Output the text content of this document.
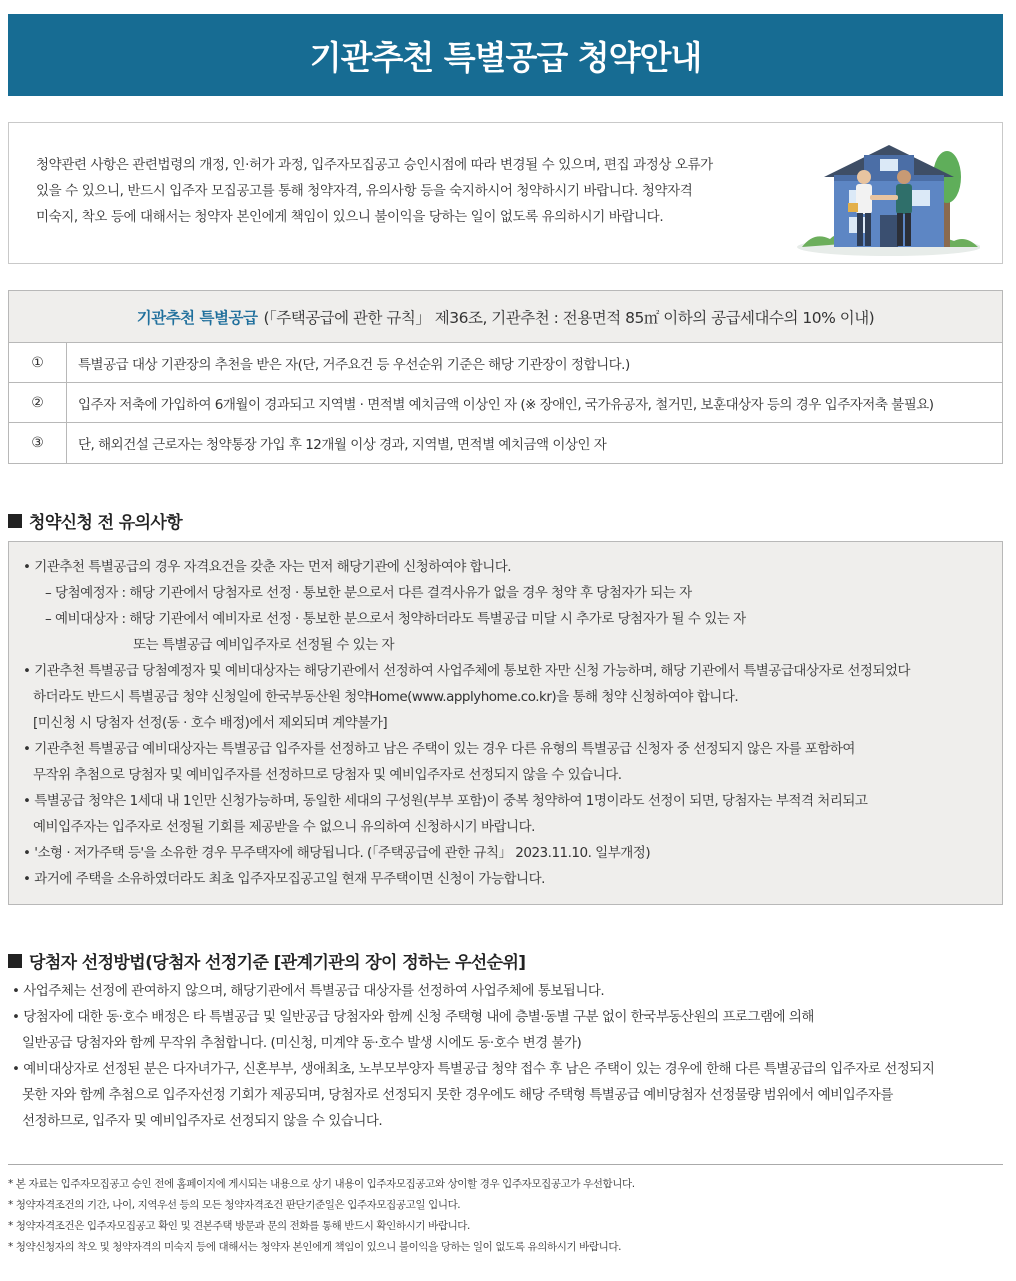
기관추천 특별공급 청약안내

청약관련 사항은 관련법령의 개정, 인·허가 과정, 입주자모집공고 승인시점에 따라 변경될 수 있으며, 편집 과정상 오류가
있을 수 있으니, 반드시 입주자 모집공고를 통해 청약자격, 유의사항 등을 숙지하시어 청약하시기 바랍니다. 청약자격
미숙지, 착오 등에 대해서는 청약자 본인에게 책임이 있으니 불이익을 당하는 일이 없도록 유의하시기 바랍니다.

기관추천 특별공급 (「주택공급에 관한 규칙」 제36조, 기관추천 : 전용면적 85㎡ 이하의 공급세대수의 10% 이내)
①	특별공급 대상 기관장의 추천을 받은 자(단, 거주요건 등 우선순위 기준은 해당 기관장이 정합니다.)
②	입주자 저축에 가입하여 6개월이 경과되고 지역별 · 면적별 예치금액 이상인 자 (※ 장애인, 국가유공자, 철거민, 보훈대상자 등의 경우 입주자저축 불필요)
③	단, 해외건설 근로자는 청약통장 가입 후 12개월 이상 경과, 지역별, 면적별 예치금액 이상인 자
청약신청 전 유의사항
• 기관추천 특별공급의 경우 자격요건을 갖춘 자는 먼저 해당기관에 신청하여야 합니다.
– 당첨예정자 : 해당 기관에서 당첨자로 선정 · 통보한 분으로서 다른 결격사유가 없을 경우 청약 후 당첨자가 되는 자
– 예비대상자 : 해당 기관에서 예비자로 선정 · 통보한 분으로서 청약하더라도 특별공급 미달 시 추가로 당첨자가 될 수 있는 자
또는 특별공급 예비입주자로 선정될 수 있는 자
• 기관추천 특별공급 당첨예정자 및 예비대상자는 해당기관에서 선정하여 사업주체에 통보한 자만 신청 가능하며, 해당 기관에서 특별공급대상자로 선정되었다
하더라도 반드시 특별공급 청약 신청일에 한국부동산원 청약Home(www.applyhome.co.kr)을 통해 청약 신청하여야 합니다.
[미신청 시 당첨자 선정(동 · 호수 배정)에서 제외되며 계약불가]
• 기관추천 특별공급 예비대상자는 특별공급 입주자를 선정하고 남은 주택이 있는 경우 다른 유형의 특별공급 신청자 중 선정되지 않은 자를 포함하여
무작위 추첨으로 당첨자 및 예비입주자를 선정하므로 당첨자 및 예비입주자로 선정되지 않을 수 있습니다.
• 특별공급 청약은 1세대 내 1인만 신청가능하며, 동일한 세대의 구성원(부부 포함)이 중복 청약하여 1명이라도 선정이 되면, 당첨자는 부적격 처리되고
예비입주자는 입주자로 선정될 기회를 제공받을 수 없으니 유의하여 신청하시기 바랍니다.
• '소형 · 저가주택 등'을 소유한 경우 무주택자에 해당됩니다. (「주택공급에 관한 규칙」 2023.11.10. 일부개정)
• 과거에 주택을 소유하였더라도 최초 입주자모집공고일 현재 무주택이면 신청이 가능합니다.
당첨자 선정방법(당첨자 선정기준 [관계기관의 장이 정하는 우선순위]
• 사업주체는 선정에 관여하지 않으며, 해당기관에서 특별공급 대상자를 선정하여 사업주체에 통보됩니다.
• 당첨자에 대한 동·호수 배정은 타 특별공급 및 일반공급 당첨자와 함께 신청 주택형 내에 층별·동별 구분 없이 한국부동산원의 프로그램에 의해
일반공급 당첨자와 함께 무작위 추첨합니다. (미신청, 미계약 동·호수 발생 시에도 동·호수 변경 불가)
• 예비대상자로 선정된 분은 다자녀가구, 신혼부부, 생애최초, 노부모부양자 특별공급 청약 접수 후 남은 주택이 있는 경우에 한해 다른 특별공급의 입주자로 선정되지
못한 자와 함께 추첨으로 입주자선정 기회가 제공되며, 당첨자로 선정되지 못한 경우에도 해당 주택형 특별공급 예비당첨자 선정물량 범위에서 예비입주자를
선정하므로, 입주자 및 예비입주자로 선정되지 않을 수 있습니다.
* 본 자료는 입주자모집공고 승인 전에 홈페이지에 게시되는 내용으로 상기 내용이 입주자모집공고와 상이할 경우 입주자모집공고가 우선합니다.
* 청약자격조건의 기간, 나이, 지역우선 등의 모든 청약자격조건 판단기준일은 입주자모집공고일 입니다.
* 청약자격조건은 입주자모집공고 확인 및 견본주택 방문과 문의 전화를 통해 반드시 확인하시기 바랍니다.
* 청약신청자의 착오 및 청약자격의 미숙지 등에 대해서는 청약자 본인에게 책임이 있으니 불이익을 당하는 일이 없도록 유의하시기 바랍니다.
